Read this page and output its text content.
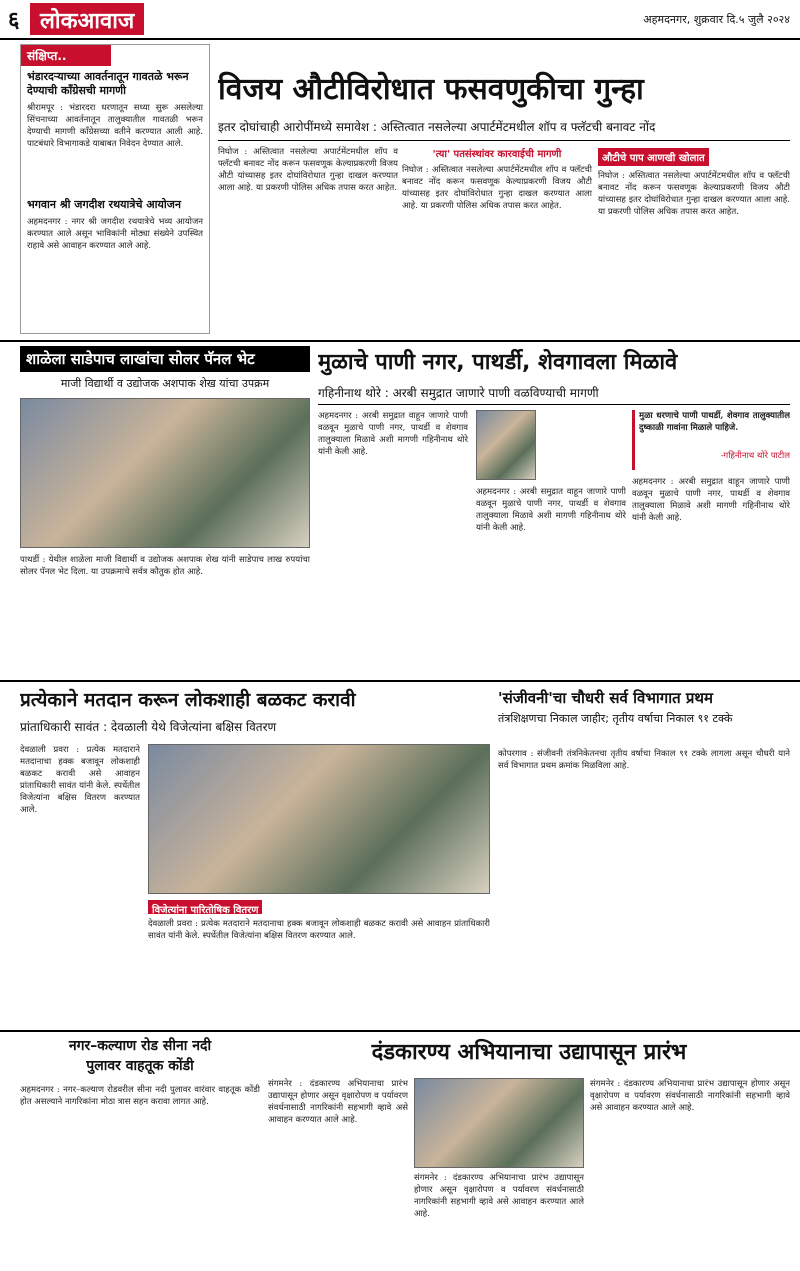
६ लोकआवाज	अहमदनगर, शुक्रवार दि.५ जुलै २०२४
संक्षिप्त..
भंडारदऱ्याच्या आवर्तनातून गावतळे भरून देण्याची काँग्रेसची मागणी
श्रीरामपूर : भंडारदरा धरणातून सध्या सुरू असलेल्या सिंचनाच्या आवर्तनातून तालुक्यातील गावतळी भरून देण्याची मागणी काँग्रेसच्या वतीने करण्यात आली आहे. पाटबंधारे विभागाकडे याबाबत निवेदन देण्यात आले.
भगवान श्री जगदीश रथयात्रेचे आयोजन
अहमदनगर : नगर श्री जगदीश रथयात्रेचे भव्य आयोजन करण्यात आले असून भाविकांनी मोठ्या संख्येने उपस्थित राहावे असे आवाहन करण्यात आले आहे.
विजय औटीविरोधात फसवणुकीचा गुन्हा
इतर दोघांचाही आरोपींमध्ये समावेश : अस्तित्वात नसलेल्या अपार्टमेंटमधील शॉप व फ्लॅटची बनावट नोंद
निघोज : अस्तित्वात नसलेल्या अपार्टमेंटमधील शॉप व फ्लॅटची बनावट नोंद करून फसवणूक केल्याप्रकरणी विजय औटी यांच्यासह इतर दोघांविरोधात गुन्हा दाखल करण्यात आला आहे. या प्रकरणी पोलिस अधिक तपास करत आहेत.
'त्या' पतसंस्थांवर कारवाईची मागणी
निघोज : अस्तित्वात नसलेल्या अपार्टमेंटमधील शॉप व फ्लॅटची बनावट नोंद करून फसवणूक केल्याप्रकरणी विजय औटी यांच्यासह इतर दोघांविरोधात गुन्हा दाखल करण्यात आला आहे. या प्रकरणी पोलिस अधिक तपास करत आहेत.
औटीचे पाप आणखी खोलात
निघोज : अस्तित्वात नसलेल्या अपार्टमेंटमधील शॉप व फ्लॅटची बनावट नोंद करून फसवणूक केल्याप्रकरणी विजय औटी यांच्यासह इतर दोघांविरोधात गुन्हा दाखल करण्यात आला आहे. या प्रकरणी पोलिस अधिक तपास करत आहेत.
शाळेला साडेपाच लाखांचा सोलर पॅनल भेट
माजी विद्यार्थी व उद्योजक अशपाक शेख यांचा उपक्रम
पाथर्डी : येथील शाळेला माजी विद्यार्थी व उद्योजक अशपाक शेख यांनी साडेपाच लाख रुपयांचा सोलर पॅनल भेट दिला. या उपक्रमाचे सर्वत्र कौतुक होत आहे.
मुळाचे पाणी नगर, पाथर्डी, शेवगावला मिळावे
गहिनीनाथ थोरे : अरबी समुद्रात जाणारे पाणी वळविण्याची मागणी
अहमदनगर : अरबी समुद्रात वाहून जाणारे पाणी वळवून मुळाचे पाणी नगर, पाथर्डी व शेवगाव तालुक्याला मिळावे अशी मागणी गहिनीनाथ थोरे यांनी केली आहे.
अहमदनगर : अरबी समुद्रात वाहून जाणारे पाणी वळवून मुळाचे पाणी नगर, पाथर्डी व शेवगाव तालुक्याला मिळावे अशी मागणी गहिनीनाथ थोरे यांनी केली आहे.
मुळा धरणाचे पाणी पाथर्डी, शेवगाव तालुक्यातील दुष्काळी गावांना मिळाले पाहिजे.
-गहिनीनाथ थोरे पाटील
अहमदनगर : अरबी समुद्रात वाहून जाणारे पाणी वळवून मुळाचे पाणी नगर, पाथर्डी व शेवगाव तालुक्याला मिळावे अशी मागणी गहिनीनाथ थोरे यांनी केली आहे.
प्रत्येकाने मतदान करून लोकशाही बळकट करावी
प्रांताधिकारी सावंत : देवळाली येथे विजेत्यांना बक्षिस वितरण
देवळाली प्रवरा : प्रत्येक मतदाराने मतदानाचा हक्क बजावून लोकशाही बळकट करावी असे आवाहन प्रांताधिकारी सावंत यांनी केले. स्पर्धेतील विजेत्यांना बक्षिस वितरण करण्यात आले.
विजेत्यांना पारितोषिक वितरण
देवळाली प्रवरा : प्रत्येक मतदाराने मतदानाचा हक्क बजावून लोकशाही बळकट करावी असे आवाहन प्रांताधिकारी सावंत यांनी केले. स्पर्धेतील विजेत्यांना बक्षिस वितरण करण्यात आले.
'संजीवनी'चा चौधरी सर्व विभागात प्रथम
तंत्रशिक्षणचा निकाल जाहीर; तृतीय वर्षाचा निकाल ९१ टक्के
कोपरगाव : संजीवनी तंत्रनिकेतनचा तृतीय वर्षाचा निकाल ९१ टक्के लागला असून चौधरी याने सर्व विभागात प्रथम क्रमांक मिळविला आहे.
नगर–कल्याण रोड सीना नदी
पुलावर वाहतूक कोंडी
अहमदनगर : नगर–कल्याण रोडवरील सीना नदी पुलावर वारंवार वाहतूक कोंडी होत असल्याने नागरिकांना मोठा त्रास सहन करावा लागत आहे.
दंडकारण्य अभियानाचा उद्यापासून प्रारंभ
संगमनेर : दंडकारण्य अभियानाचा प्रारंभ उद्यापासून होणार असून वृक्षारोपण व पर्यावरण संवर्धनासाठी नागरिकांनी सहभागी व्हावे असे आवाहन करण्यात आले आहे.
संगमनेर : दंडकारण्य अभियानाचा प्रारंभ उद्यापासून होणार असून वृक्षारोपण व पर्यावरण संवर्धनासाठी नागरिकांनी सहभागी व्हावे असे आवाहन करण्यात आले आहे.
संगमनेर : दंडकारण्य अभियानाचा प्रारंभ उद्यापासून होणार असून वृक्षारोपण व पर्यावरण संवर्धनासाठी नागरिकांनी सहभागी व्हावे असे आवाहन करण्यात आले आहे.
